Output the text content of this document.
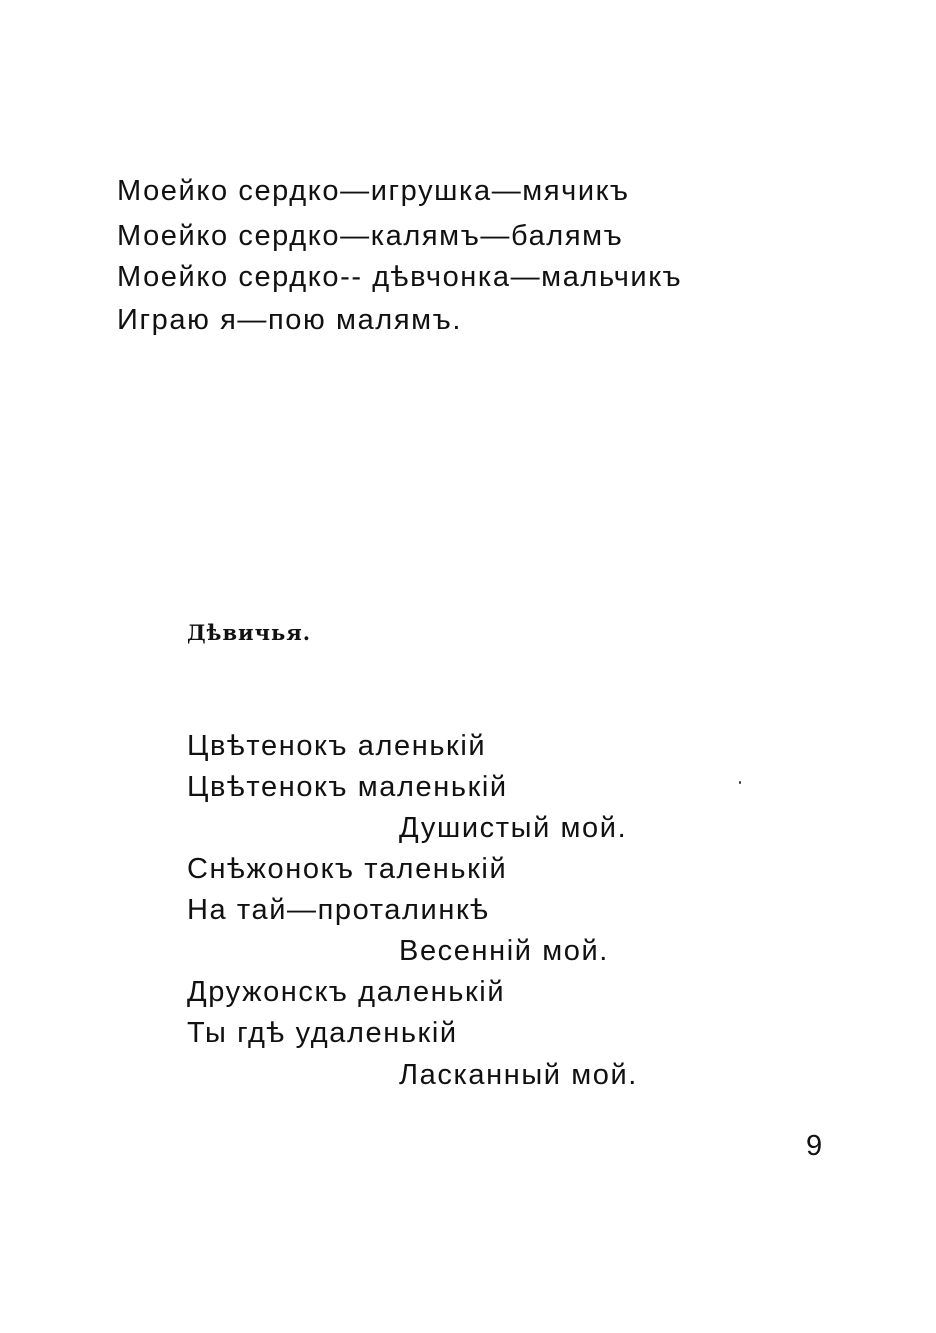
Моейко сердко—игрушка—мячикъ
Моейко сердко—калямъ—балямъ
Моейко сердко-- дѣвчонка—мальчикъ
Играю я—пою малямъ.
Дѣвичья.
Цвѣтенокъ аленькій
Цвѣтенокъ маленькій
Душистый мой.
Снѣжонокъ таленькій
На тай—проталинкѣ
Весенній мой.
Дружонскъ даленькій
Ты гдѣ удаленькій
Ласканный мой.
9
